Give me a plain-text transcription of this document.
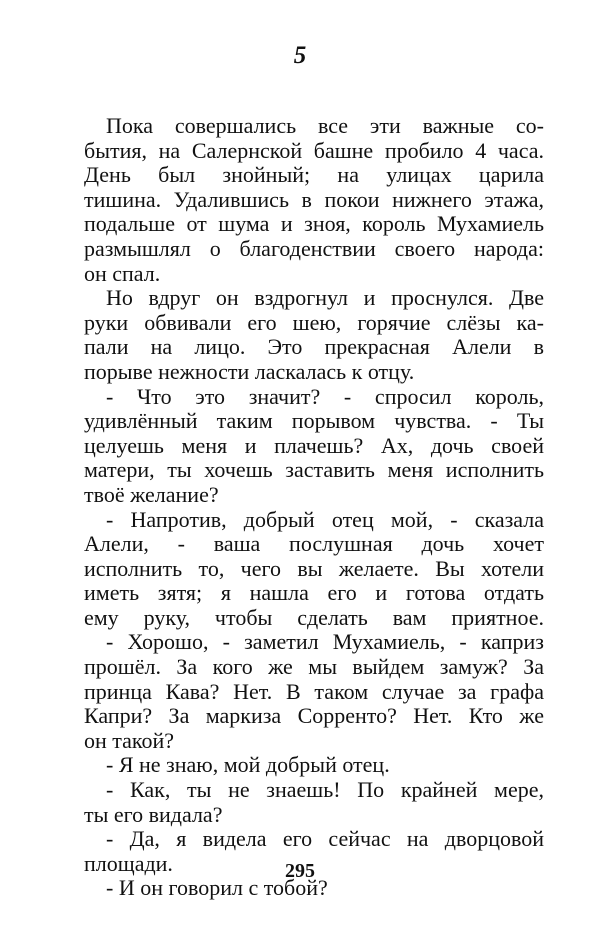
5
Пока совершались все эти важные со-
бытия, на Салернской башне пробило 4 часа.
День был знойный; на улицах царила
тишина. Удалившись в покои нижнего этажа,
подальше от шума и зноя, король Мухамиель
размышлял о благоденствии своего народа:
он спал.
Но вдруг он вздрогнул и проснулся. Две
руки обвивали его шею, горячие слёзы ка-
пали на лицо. Это прекрасная Алели в
порыве нежности ласкалась к отцу.
- Что это значит? - спросил король,
удивлённый таким порывом чувства. - Ты
целуешь меня и плачешь? Ах, дочь своей
матери, ты хочешь заставить меня исполнить
твоё желание?
- Напротив, добрый отец мой, - сказала
Алели, - ваша послушная дочь хочет
исполнить то, чего вы желаете. Вы хотели
иметь зятя; я нашла его и готова отдать
ему руку, чтобы сделать вам приятное.
- Хорошо, - заметил Мухамиель, - каприз
прошёл. За кого же мы выйдем замуж? За
принца Кава? Нет. В таком случае за графа
Капри? За маркиза Сорренто? Нет. Кто же
он такой?
- Я не знаю, мой добрый отец.
- Как, ты не знаешь! По крайней мере,
ты его видала?
- Да, я видела его сейчас на дворцовой
площади.
- И он говорил с тобой?
295
